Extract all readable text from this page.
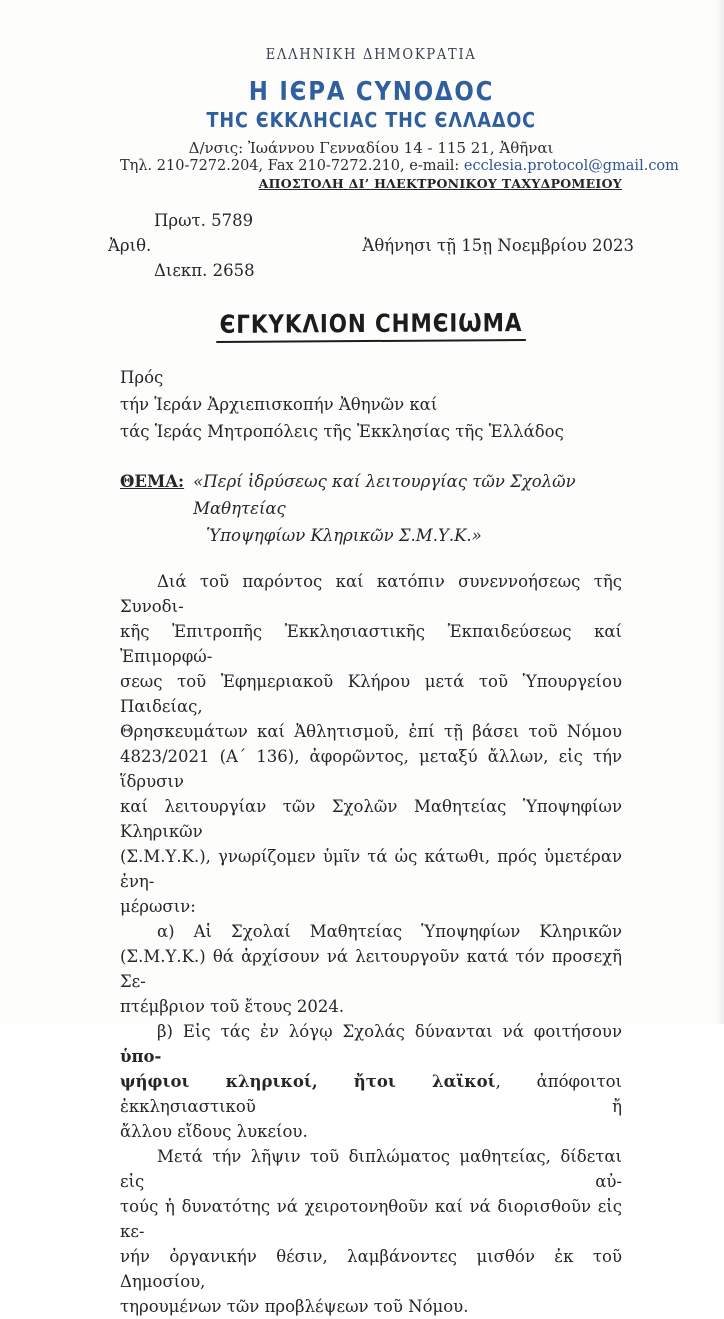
ΕΛΛΗΝΙΚΗ ΔΗΜΟΚΡΑΤΙΑ
Η ΙЄΡΑ ϹΥΝΟΔΟϹ
ΤΗϹ ЄΚΚΛΗϹΙΑϹ ΤΗϹ ЄΛΛΑΔΟϹ
Δ/νσις: Ἰωάννου Γενναδίου 14 - 115 21, Ἀθῆναι
Τηλ. 210-7272.204, Fax 210-7272.210, e-mail: ecclesia.protocol@gmail.com
ΑΠΟΣΤΟΛΗ ΔΙ’ ΗΛΕΚΤΡΟΝΙΚΟΥ ΤΑΧΥΔΡΟΜΕΙΟΥ
Πρωτ. 5789
Ἀριθ.	Ἀθήνησι τῇ 15ῃ Νοεμβρίου 2023
Διεκπ. 2658
ЄΓΚΥΚΛΙΟΝ ϹΗΜЄΙѠΜΑ
Πρός
τήν Ἱεράν Ἀρχιεπισκοπήν Ἀθηνῶν καί
τάς Ἱεράς Μητροπόλεις τῆς Ἐκκλησίας τῆς Ἑλλάδος
ΘΕΜΑ: «Περί ἱδρύσεως καί λειτουργίας τῶν Σχολῶν Μαθητείας
Ὑποψηφίων Κληρικῶν Σ.Μ.Υ.Κ.»
Διά τοῦ παρόντος καί κατόπιν συνεννοήσεως τῆς Συνοδι-
κῆς Ἐπιτροπῆς Ἐκκλησιαστικῆς Ἐκπαιδεύσεως καί Ἐπιμορφώ-
σεως τοῦ Ἐφημεριακοῦ Κλήρου μετά τοῦ Ὑπουργείου Παιδείας,
Θρησκευμάτων καί Ἀθλητισμοῦ, ἐπί τῇ βάσει τοῦ Νόμου
4823/2021 (Α΄ 136), ἀφορῶντος, μεταξύ ἄλλων, εἰς τήν ἵδρυσιν
καί λειτουργίαν τῶν Σχολῶν Μαθητείας Ὑποψηφίων Κληρικῶν
(Σ.Μ.Υ.Κ.), γνωρίζομεν ὑμῖν τά ὡς κάτωθι, πρός ὑμετέραν ἐνη-
μέρωσιν:
α) Αἱ Σχολαί Μαθητείας Ὑποψηφίων Κληρικῶν
(Σ.Μ.Υ.Κ.) θά ἀρχίσουν νά λειτουργοῦν κατά τόν προσεχῆ Σε-
πτέμβριον τοῦ ἔτους 2024.
β) Εἰς τάς ἐν λόγῳ Σχολάς δύνανται νά φοιτήσουν ὑπο-
ψήφιοι κληρικοί, ἤτοι λαϊκοί, ἀπόφοιτοι ἐκκλησιαστικοῦ ἤ
ἄλλου εἴδους λυκείου.
Μετά τήν λῆψιν τοῦ διπλώματος μαθητείας, δίδεται εἰς αὐ-
τούς ἡ δυνατότης νά χειροτονηθοῦν καί νά διορισθοῦν εἰς κε-
νήν ὀργανικήν θέσιν, λαμβάνοντες μισθόν ἐκ τοῦ Δημοσίου,
τηρουμένων τῶν προβλέψεων τοῦ Νόμου.
